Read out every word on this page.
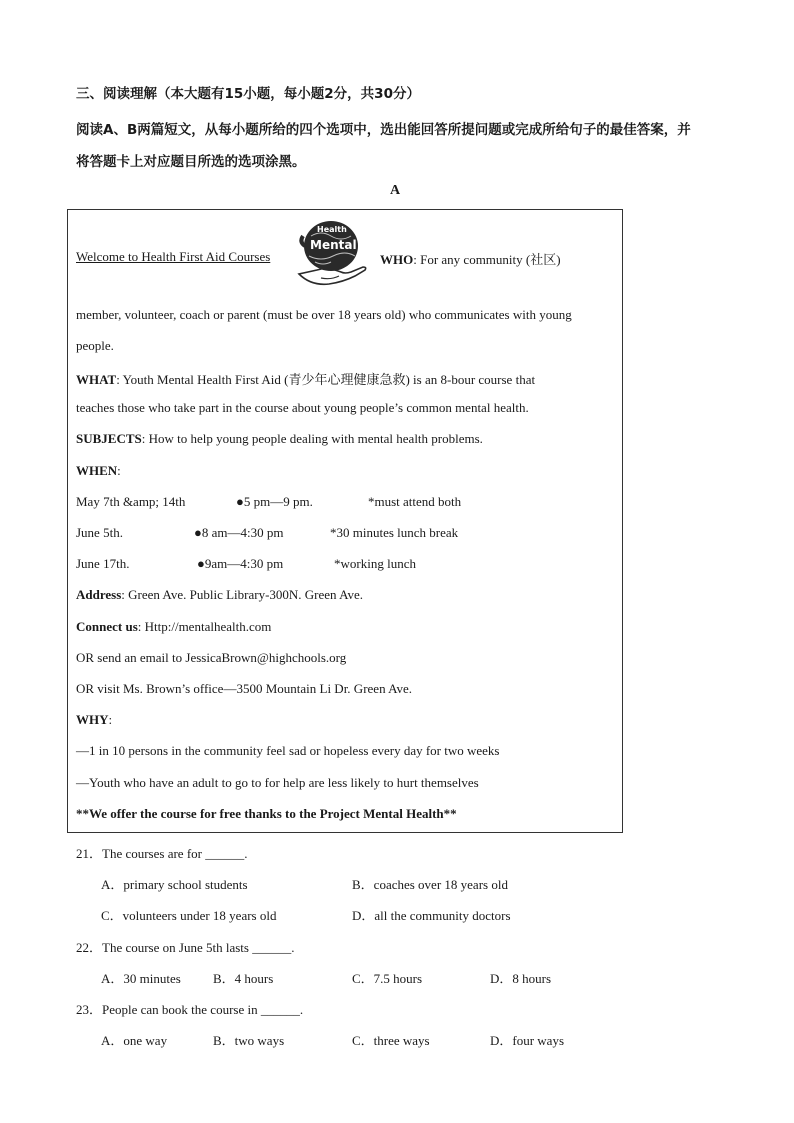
三、阅读理解（本大题有15小题，每小题2分，共30分）
阅读A、B两篇短文，从每小题所给的四个选项中，选出能回答所提问题或完成所给句子的最佳答案，并
将答题卡上对应题目所选的选项涂黑。
A
Health
Mental
Welcome to Health First Aid Courses	WHO: For any community (社区)
member, volunteer, coach or parent (must be over 18 years old) who communicates with young
people.
WHAT: Youth Mental Health First Aid (青少年心理健康急救) is an 8-bour course that
teaches those who take part in the course about young people’s common mental health.
SUBJECTS: How to help young people dealing with mental health problems.
WHEN:
May 7th &amp; 14th	●5 pm—9 pm.	*must attend both
June 5th.	●8 am—4:30 pm	*30 minutes lunch break
June 17th.	●9am—4:30 pm	*working lunch
Address: Green Ave. Public Library-300N. Green Ave.
Connect us: Http://mentalhealth.com
OR send an email to JessicaBrown@highchools.org
OR visit Ms. Brown’s office—3500 Mountain Li Dr. Green Ave.
WHY:
—1 in 10 persons in the community feel sad or hopeless every day for two weeks
—Youth who have an adult to go to for help are less likely to hurt themselves
**We offer the course for free thanks to the Project Mental Health**
21．The courses are for ______.
A．primary school students	B．coaches over 18 years old
C．volunteers under 18 years old	D．all the community doctors
22．The course on June 5th lasts ______.
A．30 minutes B．4 hours	C．7.5 hours	D．8 hours
23．People can book the course in ______.
A．one way	B．two ways	C．three ways	D．four ways
